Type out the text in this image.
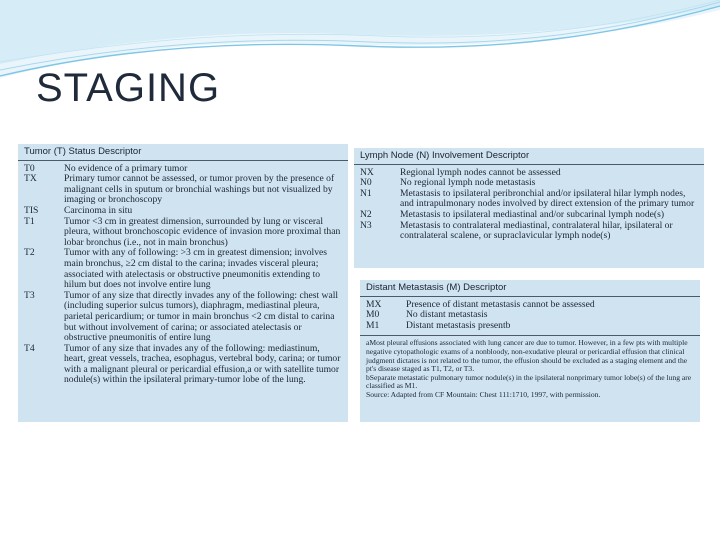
STAGING
Tumor (T) Status Descriptor
T0	No evidence of a primary tumor
TX	Primary tumor cannot be assessed, or tumor proven by the presence of malignant cells in sputum or bronchial washings but not visualized by imaging or bronchoscopy
TIS	Carcinoma in situ
T1	Tumor <3 cm in greatest dimension, surrounded by lung or visceral pleura, without bronchoscopic evidence of invasion more proximal than lobar bronchus (i.e., not in main bronchus)
T2	Tumor with any of following: >3 cm in greatest dimension; involves main bronchus, ≥2 cm distal to the carina; invades visceral pleura; associated with atelectasis or obstructive pneumonitis extending to hilum but does not involve entire lung
T3	Tumor of any size that directly invades any of the following: chest wall (including superior sulcus tumors), diaphragm, mediastinal pleura, parietal pericardium; or tumor in main bronchus <2 cm distal to carina but without involvement of carina; or associated atelectasis or obstructive pneumonitis of entire lung
T4	Tumor of any size that invades any of the following: mediastinum, heart, great vessels, trachea, esophagus, vertebral body, carina; or tumor with a malignant pleural or pericardial effusion,a or with satellite tumor nodule(s) within the ipsilateral primary-tumor lobe of the lung.
Lymph Node (N) Involvement Descriptor
NX	Regional lymph nodes cannot be assessed
N0	No regional lymph node metastasis
N1	Metastasis to ipsilateral peribronchial and/or ipsilateral hilar lymph nodes, and intrapulmonary nodes involved by direct extension of the primary tumor
N2	Metastasis to ipsilateral mediastinal and/or subcarinal lymph node(s)
N3	Metastasis to contralateral mediastinal, contralateral hilar, ipsilateral or contralateral scalene, or supraclavicular lymph node(s)
Distant Metastasis (M) Descriptor
MX	Presence of distant metastasis cannot be assessed
M0	No distant metastasis
M1	Distant metastasis presentb
aMost pleural effusions associated with lung cancer are due to tumor. However, in a few pts with multiple negative cytopathologic exams of a nonbloody, non-exudative pleural or pericardial effusion that clinical judgment dictates is not related to the tumor, the effusion should be excluded as a staging element and the pt's disease staged as T1, T2, or T3.
bSeparate metastatic pulmonary tumor nodule(s) in the ipsilateral nonprimary tumor lobe(s) of the lung are classified as M1.
Source: Adapted from CF Mountain: Chest 111:1710, 1997, with permission.
